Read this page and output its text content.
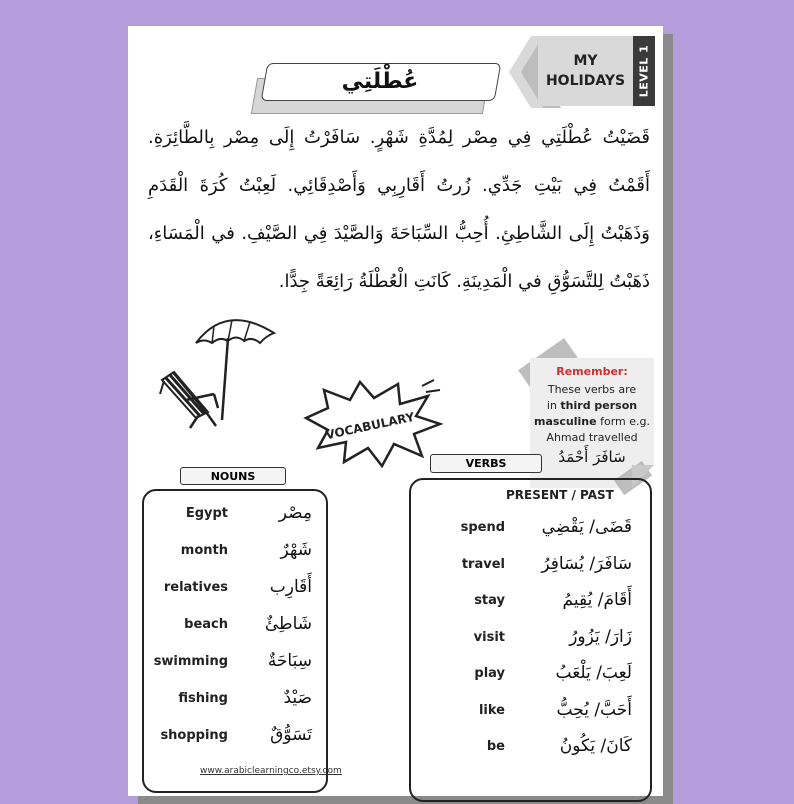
MY
HOLIDAYS LEVEL 1
عُطْلَتِي
قَضَيْتُ عُطْلَتِي فِي مِصْر لِمُدَّةِ شَهْرٍ. سَافَرْتُ إِلَى مِصْر بِالطَّائِرَةِ. أَقَمْتُ فِي بَيْتِ جَدِّي. زُرتُ أَقَارِبِي وَأَصْدِقَائِي. لَعِبْتُ كُرَةَ الْقَدَمِ وَذَهَبْتُ إِلَى الشَّاطِئِ. أُحِبُّ السِّبَاحَةَ وَالصَّيْدَ فِي الصَّيْفِ. في الْمَسَاءِ، ذَهَبْتُ لِلتَّسَوُّقِ في الْمَدِينَةِ. كَانَتِ الْعُطْلَةُ رَائِعَةً جِدًّا.
VOCABULARY
Remember:
These verbs are
in third person
masculine form e.g.
Ahmad travelled
سَافَرَ أَحْمَدُ
NOUNS
Egypt	مِصْر
month	شَهْرٌ
relatives	أَقَارِب
beach	شَاطِئٌ
swimming	سِبَاحَةٌ
fishing	صَيْدٌ
shopping	تَسَوُّقٌ
VERBS
PRESENT / PAST
spend	قَضَى/ يَقْضِي
travel	سَافَرَ/ يُسَافِرُ
stay	أَقَامَ/ يُقِيمُ
visit	زَارَ/ يَزُورُ
play	لَعِبَ/ يَلْعَبُ
like	أَحَبَّ/ يُحِبُّ
be	كَانَ/ يَكُونُ
www.arabiclearningco.etsy.com
